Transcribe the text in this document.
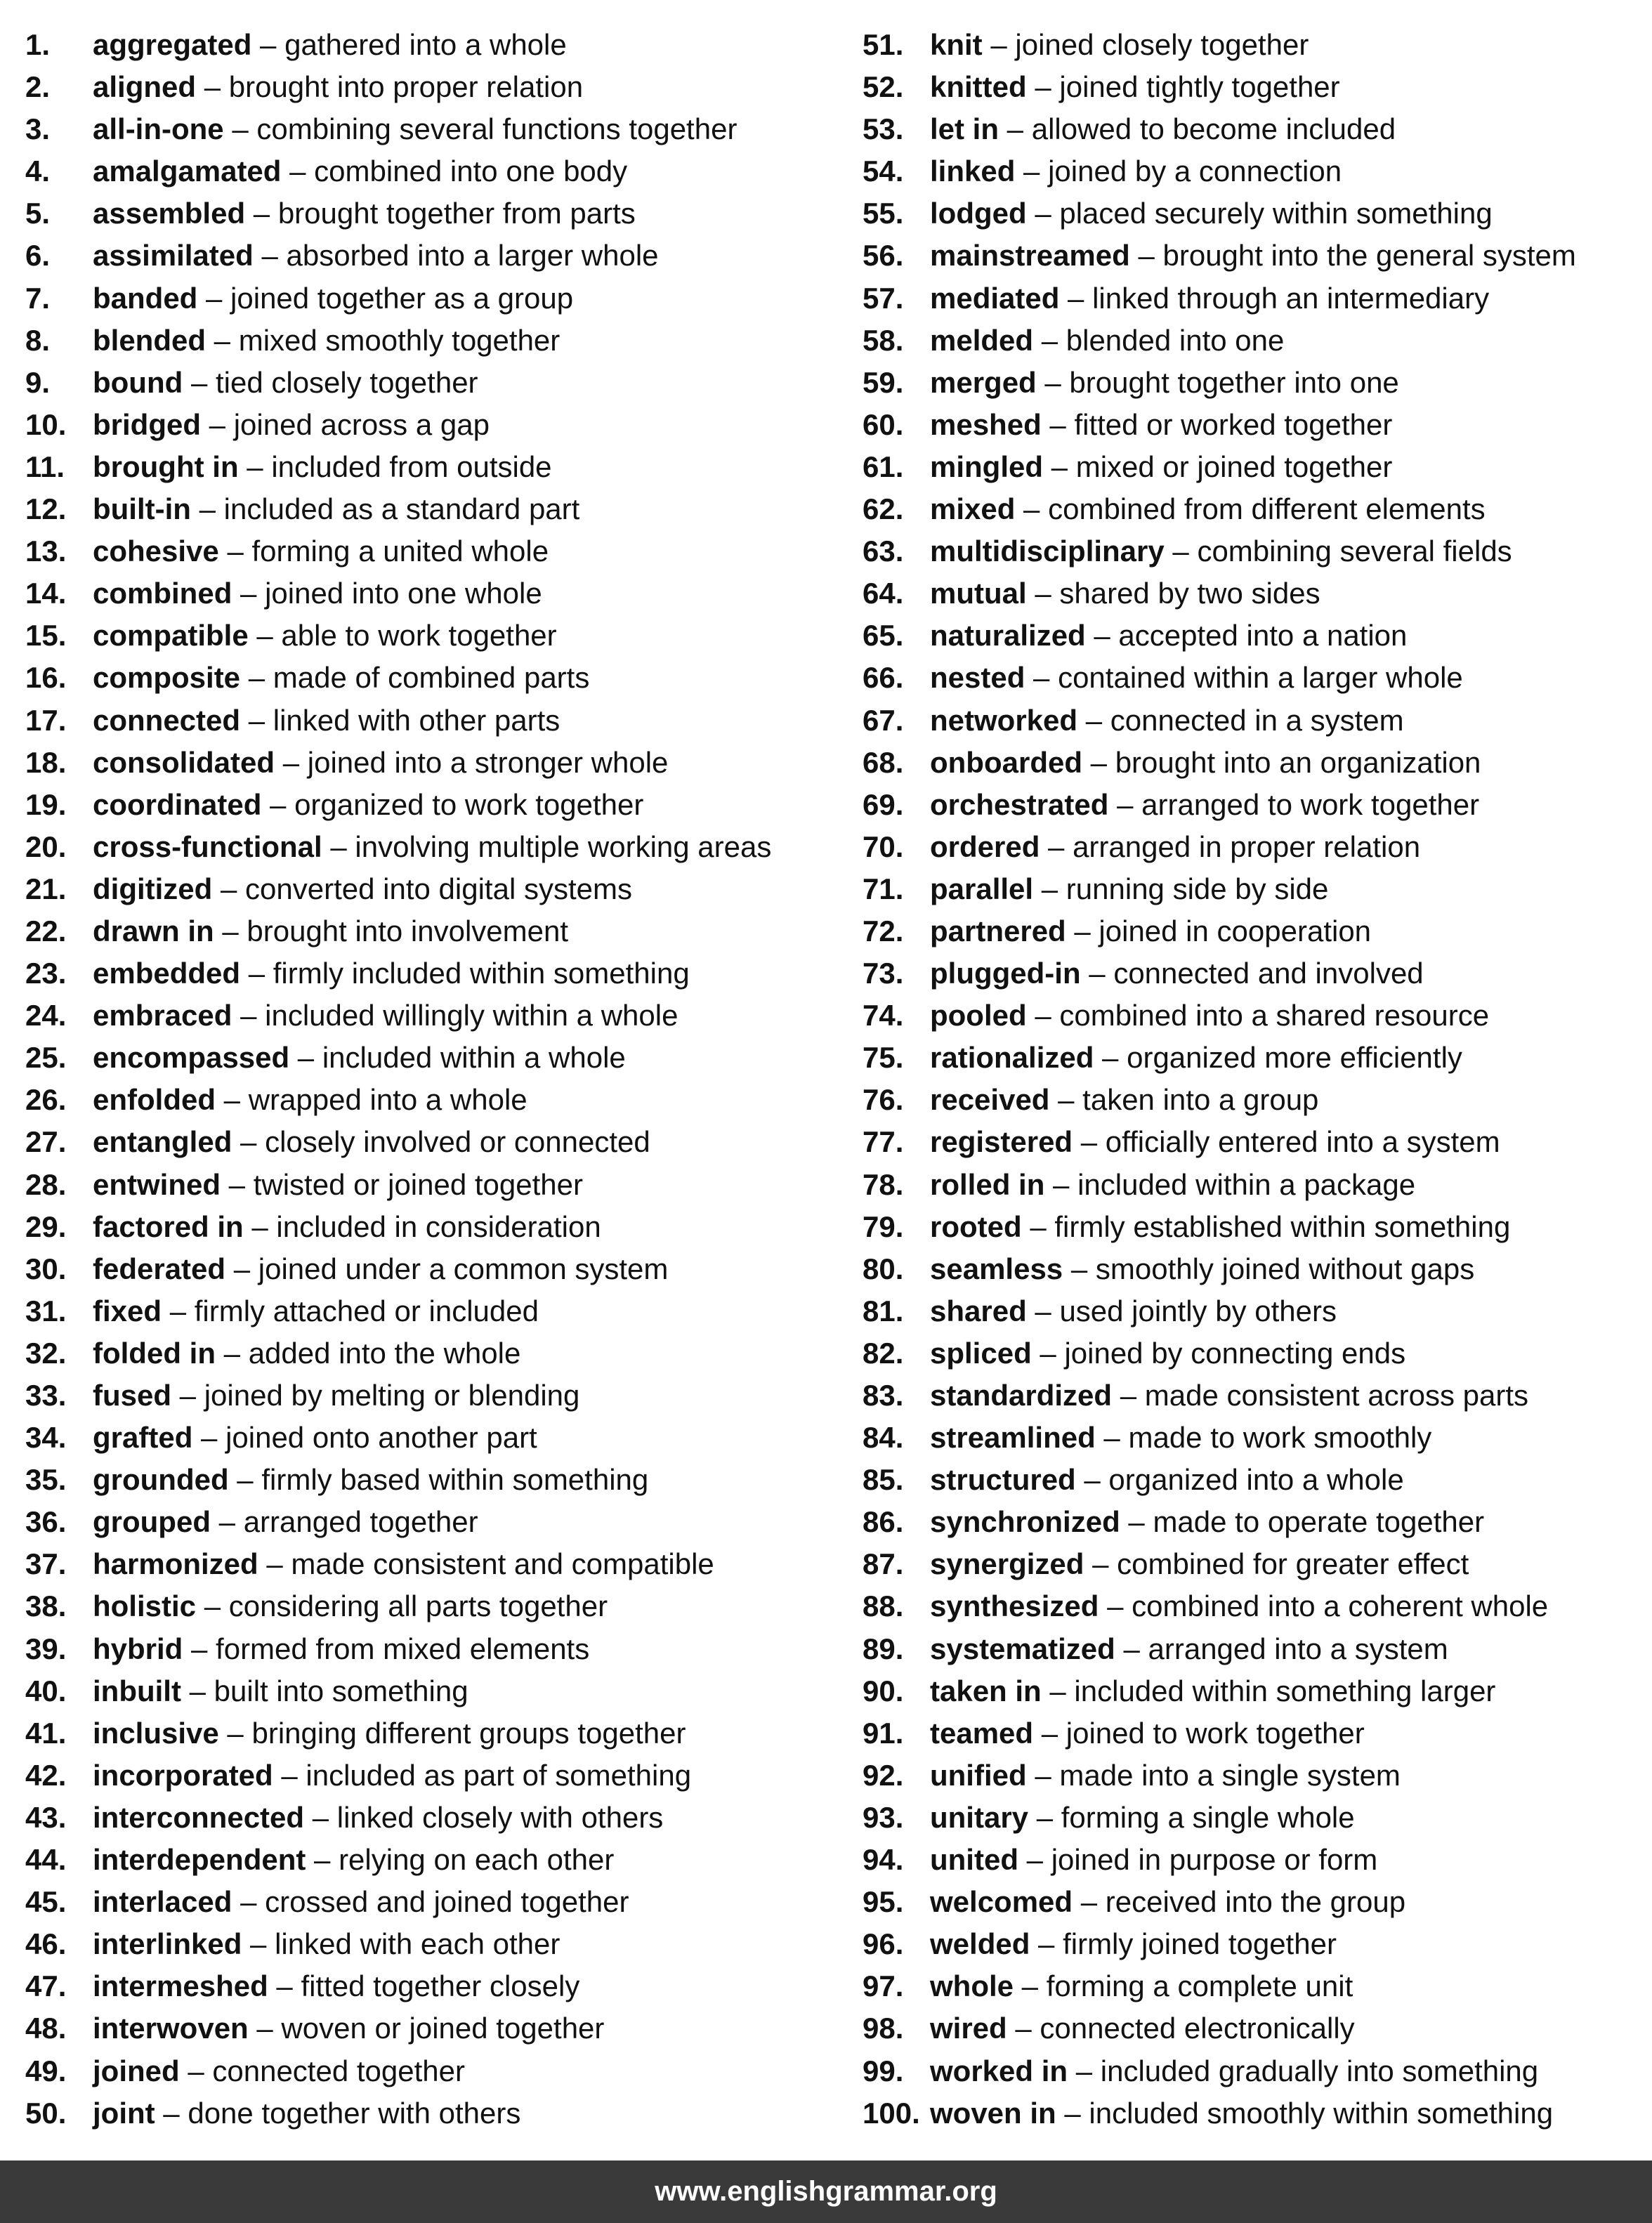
1. aggregated – gathered into a whole
2. aligned – brought into proper relation
3. all-in-one – combining several functions together
4. amalgamated – combined into one body
5. assembled – brought together from parts
6. assimilated – absorbed into a larger whole
7. banded – joined together as a group
8. blended – mixed smoothly together
9. bound – tied closely together
10. bridged – joined across a gap
11. brought in – included from outside
12. built-in – included as a standard part
13. cohesive – forming a united whole
14. combined – joined into one whole
15. compatible – able to work together
16. composite – made of combined parts
17. connected – linked with other parts
18. consolidated – joined into a stronger whole
19. coordinated – organized to work together
20. cross-functional – involving multiple working areas
21. digitized – converted into digital systems
22. drawn in – brought into involvement
23. embedded – firmly included within something
24. embraced – included willingly within a whole
25. encompassed – included within a whole
26. enfolded – wrapped into a whole
27. entangled – closely involved or connected
28. entwined – twisted or joined together
29. factored in – included in consideration
30. federated – joined under a common system
31. fixed – firmly attached or included
32. folded in – added into the whole
33. fused – joined by melting or blending
34. grafted – joined onto another part
35. grounded – firmly based within something
36. grouped – arranged together
37. harmonized – made consistent and compatible
38. holistic – considering all parts together
39. hybrid – formed from mixed elements
40. inbuilt – built into something
41. inclusive – bringing different groups together
42. incorporated – included as part of something
43. interconnected – linked closely with others
44. interdependent – relying on each other
45. interlaced – crossed and joined together
46. interlinked – linked with each other
47. intermeshed – fitted together closely
48. interwoven – woven or joined together
49. joined – connected together
50. joint – done together with others
51. knit – joined closely together
52. knitted – joined tightly together
53. let in – allowed to become included
54. linked – joined by a connection
55. lodged – placed securely within something
56. mainstreamed – brought into the general system
57. mediated – linked through an intermediary
58. melded – blended into one
59. merged – brought together into one
60. meshed – fitted or worked together
61. mingled – mixed or joined together
62. mixed – combined from different elements
63. multidisciplinary – combining several fields
64. mutual – shared by two sides
65. naturalized – accepted into a nation
66. nested – contained within a larger whole
67. networked – connected in a system
68. onboarded – brought into an organization
69. orchestrated – arranged to work together
70. ordered – arranged in proper relation
71. parallel – running side by side
72. partnered – joined in cooperation
73. plugged-in – connected and involved
74. pooled – combined into a shared resource
75. rationalized – organized more efficiently
76. received – taken into a group
77. registered – officially entered into a system
78. rolled in – included within a package
79. rooted – firmly established within something
80. seamless – smoothly joined without gaps
81. shared – used jointly by others
82. spliced – joined by connecting ends
83. standardized – made consistent across parts
84. streamlined – made to work smoothly
85. structured – organized into a whole
86. synchronized – made to operate together
87. synergized – combined for greater effect
88. synthesized – combined into a coherent whole
89. systematized – arranged into a system
90. taken in – included within something larger
91. teamed – joined to work together
92. unified – made into a single system
93. unitary – forming a single whole
94. united – joined in purpose or form
95. welcomed – received into the group
96. welded – firmly joined together
97. whole – forming a complete unit
98. wired – connected electronically
99. worked in – included gradually into something
100. woven in – included smoothly within something
www.englishgrammar.org
